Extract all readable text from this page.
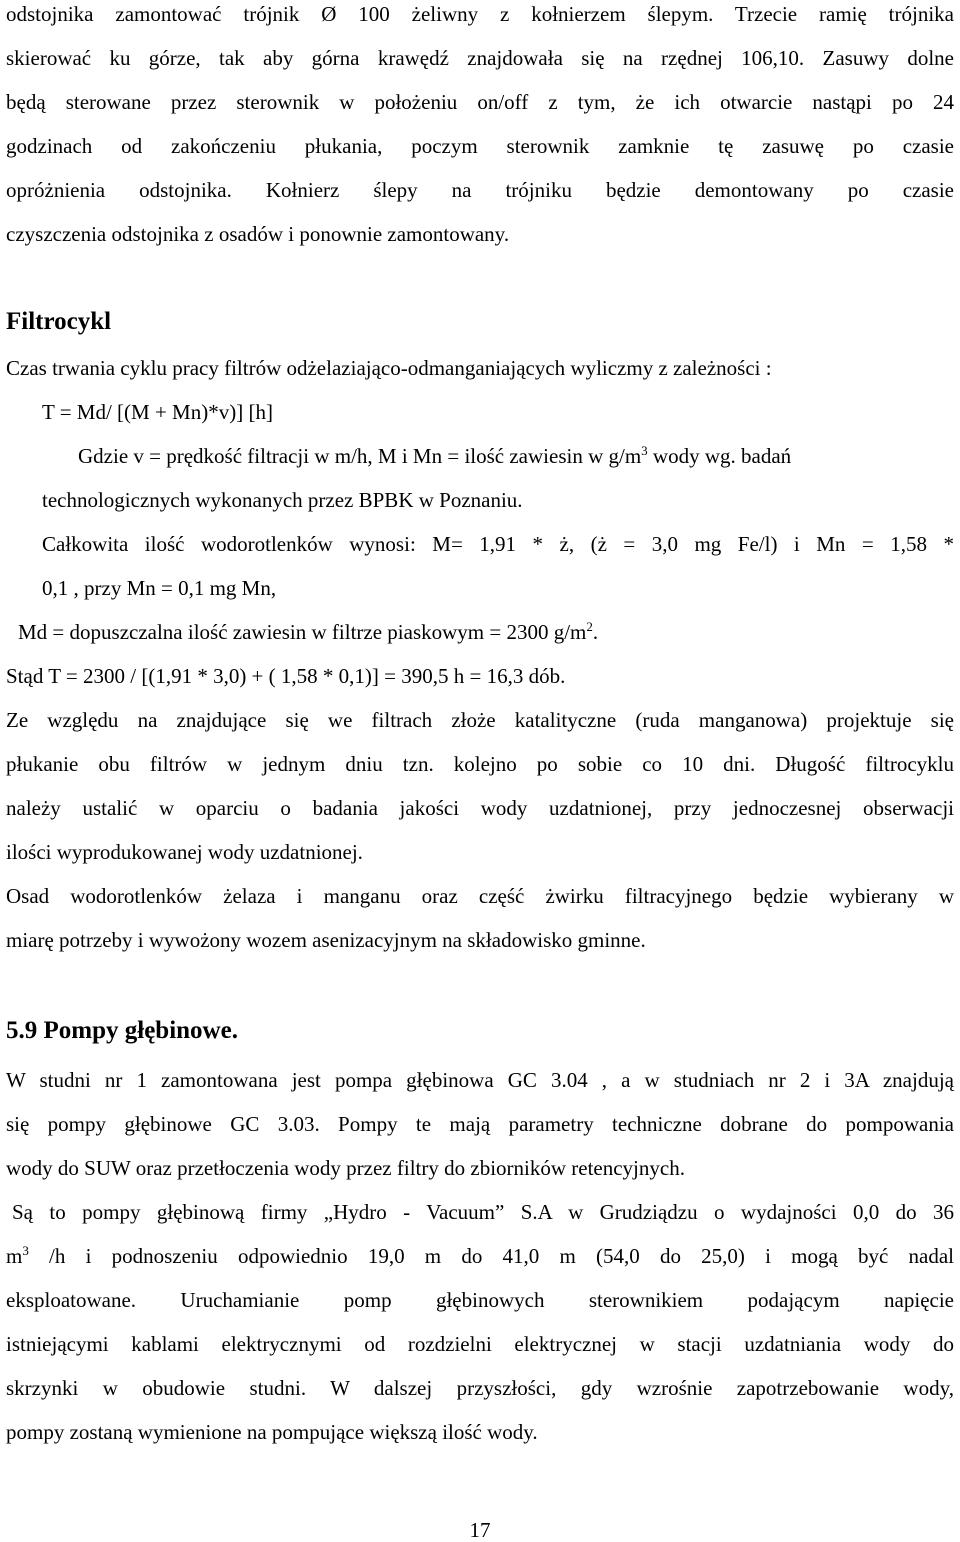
odstojnika zamontować trójnik Ø 100 żeliwny z kołnierzem ślepym. Trzecie ramię trójnika
skierować ku górze, tak aby górna krawędź znajdowała się na rzędnej 106,10. Zasuwy dolne
będą sterowane przez sterownik w położeniu on/off z tym, że ich otwarcie nastąpi po 24
godzinach od zakończeniu płukania, poczym sterownik zamknie tę zasuwę po czasie
opróżnienia odstojnika. Kołnierz ślepy na trójniku będzie demontowany po czasie
czyszczenia odstojnika z osadów i ponownie zamontowany.
Filtrocykl
Czas trwania cyklu pracy filtrów odżelaziająco-odmanganiających wyliczmy z zależności :
T = Md/ [(M + Mn)*v)] [h]
Gdzie v = prędkość filtracji w m/h, M i Mn = ilość zawiesin w $g/m^3$ wody wg. badań
technologicznych wykonanych przez BPBK w Poznaniu.
Całkowita ilość wodorotlenków wynosi: M= 1,91 * ż, (ż = 3,0 mg Fe/l) i Mn = 1,58 *
0,1 , przy Mn = 0,1 mg Mn,
Md = dopuszczalna ilość zawiesin w filtrze piaskowym = 2300 $g/m^2$.
Stąd T = 2300 / [(1,91 * 3,0) + ( 1,58 * 0,1)] = 390,5 h = 16,3 dób.
Ze względu na znajdujące się we filtrach złoże katalityczne (ruda manganowa) projektuje się
płukanie obu filtrów w jednym dniu tzn. kolejno po sobie co 10 dni. Długość filtrocyklu
należy ustalić w oparciu o badania jakości wody uzdatnionej, przy jednoczesnej obserwacji
ilości wyprodukowanej wody uzdatnionej.
Osad wodorotlenków żelaza i manganu oraz część żwirku filtracyjnego będzie wybierany w
miarę potrzeby i wywożony wozem asenizacyjnym na składowisko gminne.
5.9 Pompy głębinowe.
W studni nr 1 zamontowana jest pompa głębinowa GC 3.04 , a w studniach nr 2 i 3A znajdują
się pompy głębinowe GC 3.03. Pompy te mają parametry techniczne dobrane do pompowania
wody do SUW oraz przetłoczenia wody przez filtry do zbiorników retencyjnych.
Są to pompy głębinową firmy „Hydro - Vacuum” S.A w Grudziądzu o wydajności 0,0 do 36
$m^3$ /h i podnoszeniu odpowiednio 19,0 m do 41,0 m (54,0 do 25,0) i mogą być nadal
eksploatowane. Uruchamianie pomp głębinowych sterownikiem podającym napięcie
istniejącymi kablami elektrycznymi od rozdzielni elektrycznej w stacji uzdatniania wody do
skrzynki w obudowie studni. W dalszej przyszłości, gdy wzrośnie zapotrzebowanie wody,
pompy zostaną wymienione na pompujące większą ilość wody.
17
